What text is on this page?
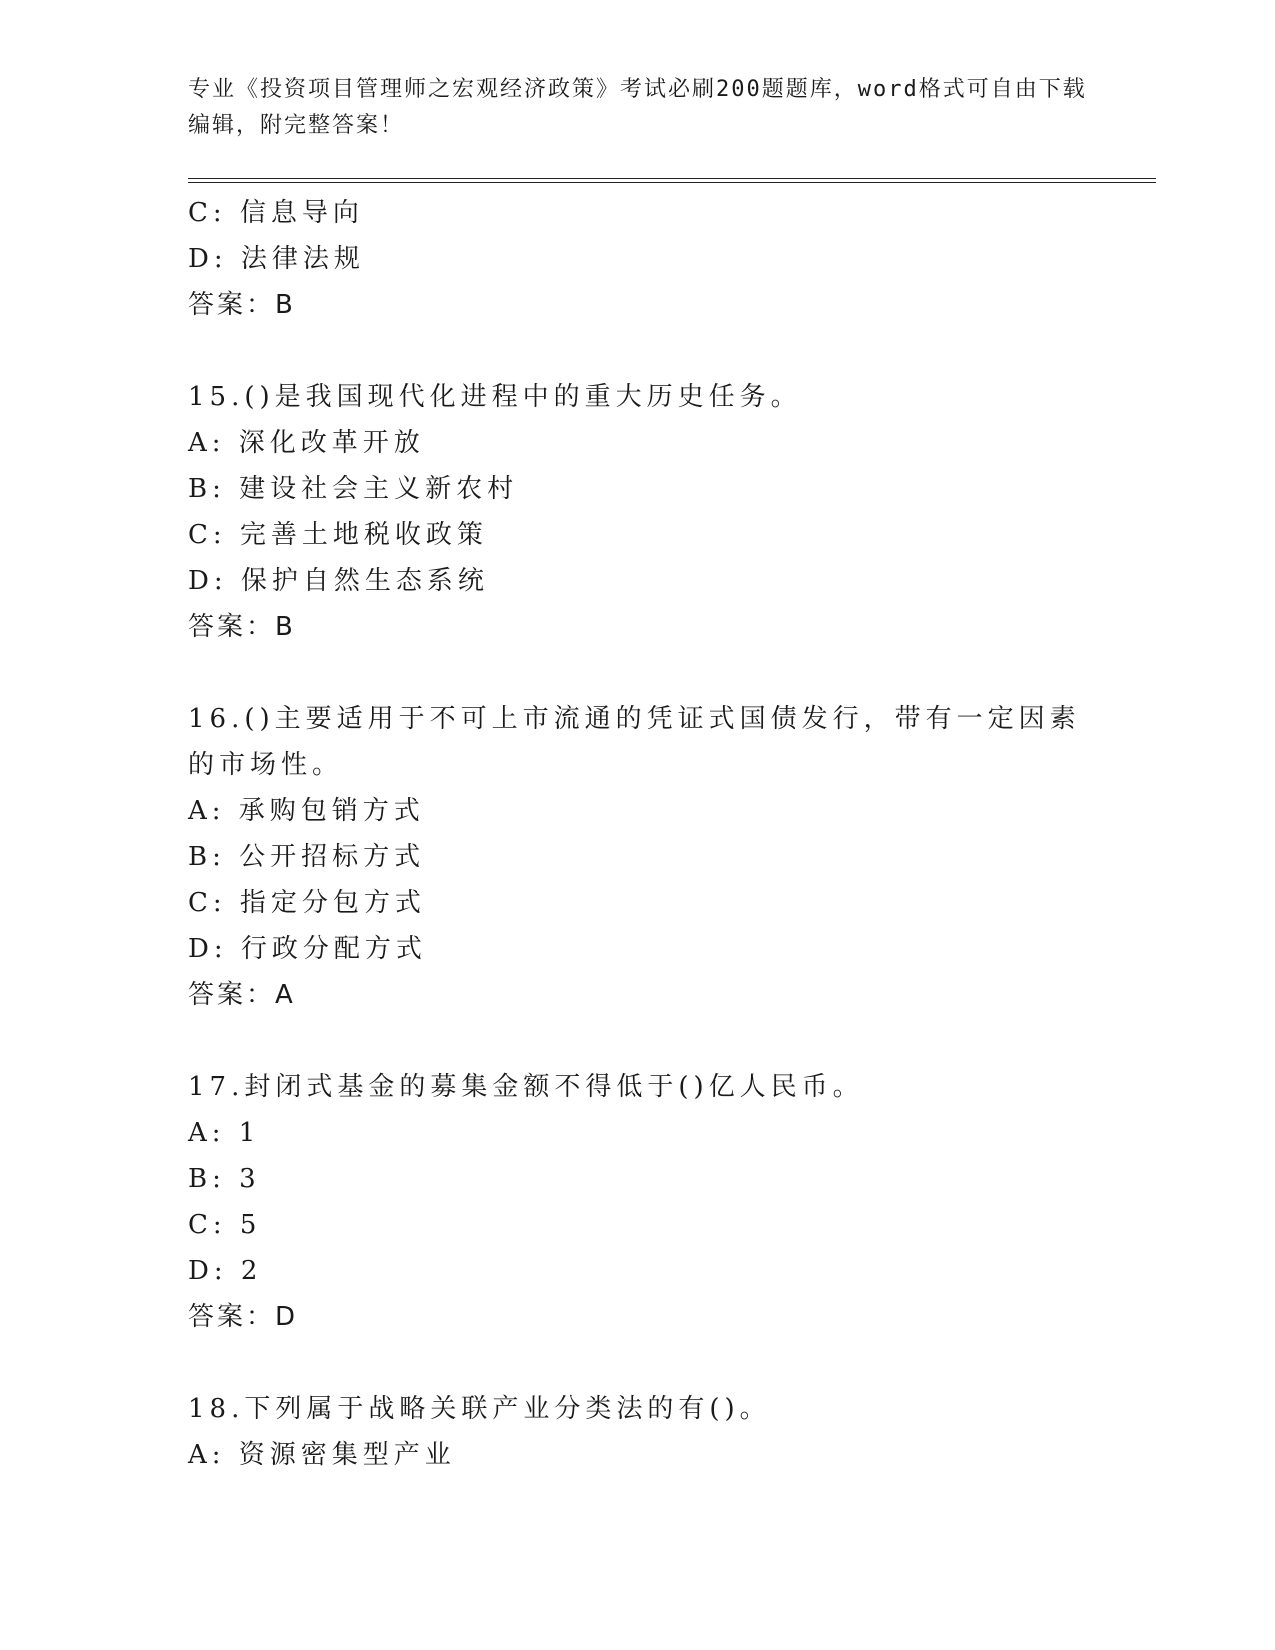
专业《投资项目管理师之宏观经济政策》考试必刷200题题库，word格式可自由下载编辑，附完整答案！
C: 信息导向
D: 法律法规
答案：B
15.()是我国现代化进程中的重大历史任务。
A: 深化改革开放
B: 建设社会主义新农村
C: 完善土地税收政策
D: 保护自然生态系统
答案：B
16.()主要适用于不可上市流通的凭证式国债发行，带有一定因素的市场性。
A: 承购包销方式
B: 公开招标方式
C: 指定分包方式
D: 行政分配方式
答案：A
17.封闭式基金的募集金额不得低于()亿人民币。
A: 1
B: 3
C: 5
D: 2
答案：D
18.下列属于战略关联产业分类法的有()。
A: 资源密集型产业
